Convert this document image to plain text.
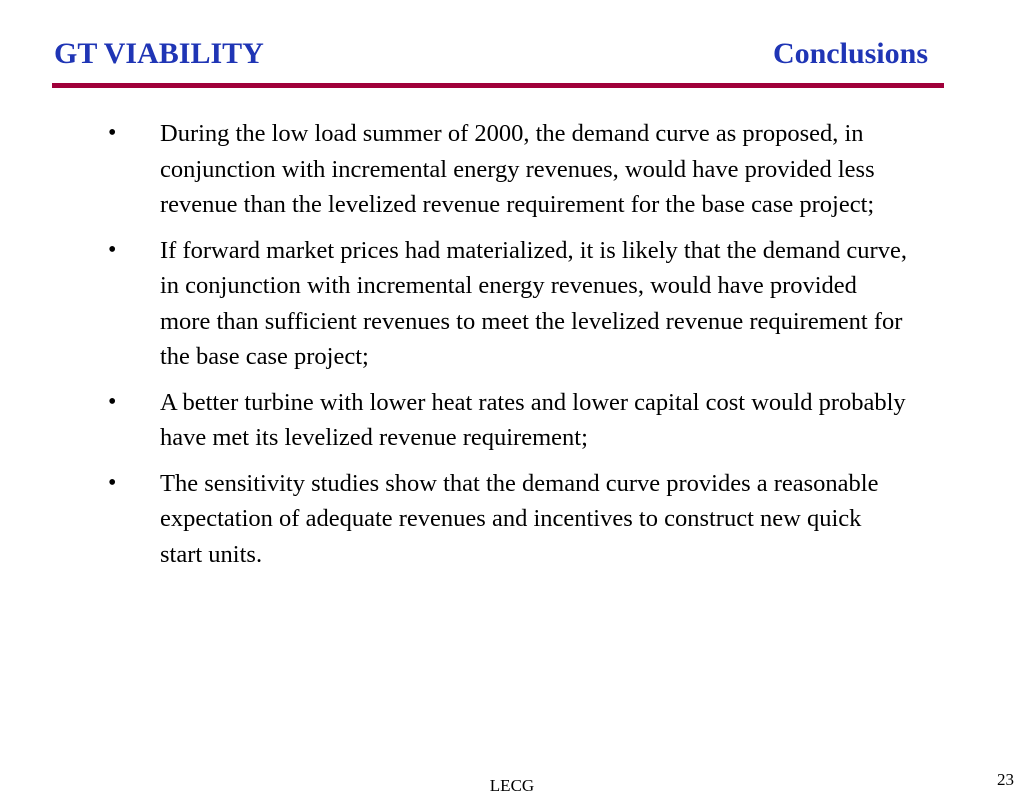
GT VIABILITY	Conclusions
•	During the low load summer of 2000, the demand curve as proposed, in conjunction with incremental energy revenues, would have provided less revenue than the levelized revenue requirement for the base case project;
•	If forward market prices had materialized, it is likely that the demand curve, in conjunction with incremental energy revenues, would have provided more than sufficient revenues to meet the levelized revenue requirement for the base case project;
•	A better turbine with lower heat rates and lower capital cost would probably have met its levelized revenue requirement;
•	The sensitivity studies show that the demand curve provides a reasonable expectation of adequate revenues and incentives to construct new quick start units.
LECG	23
